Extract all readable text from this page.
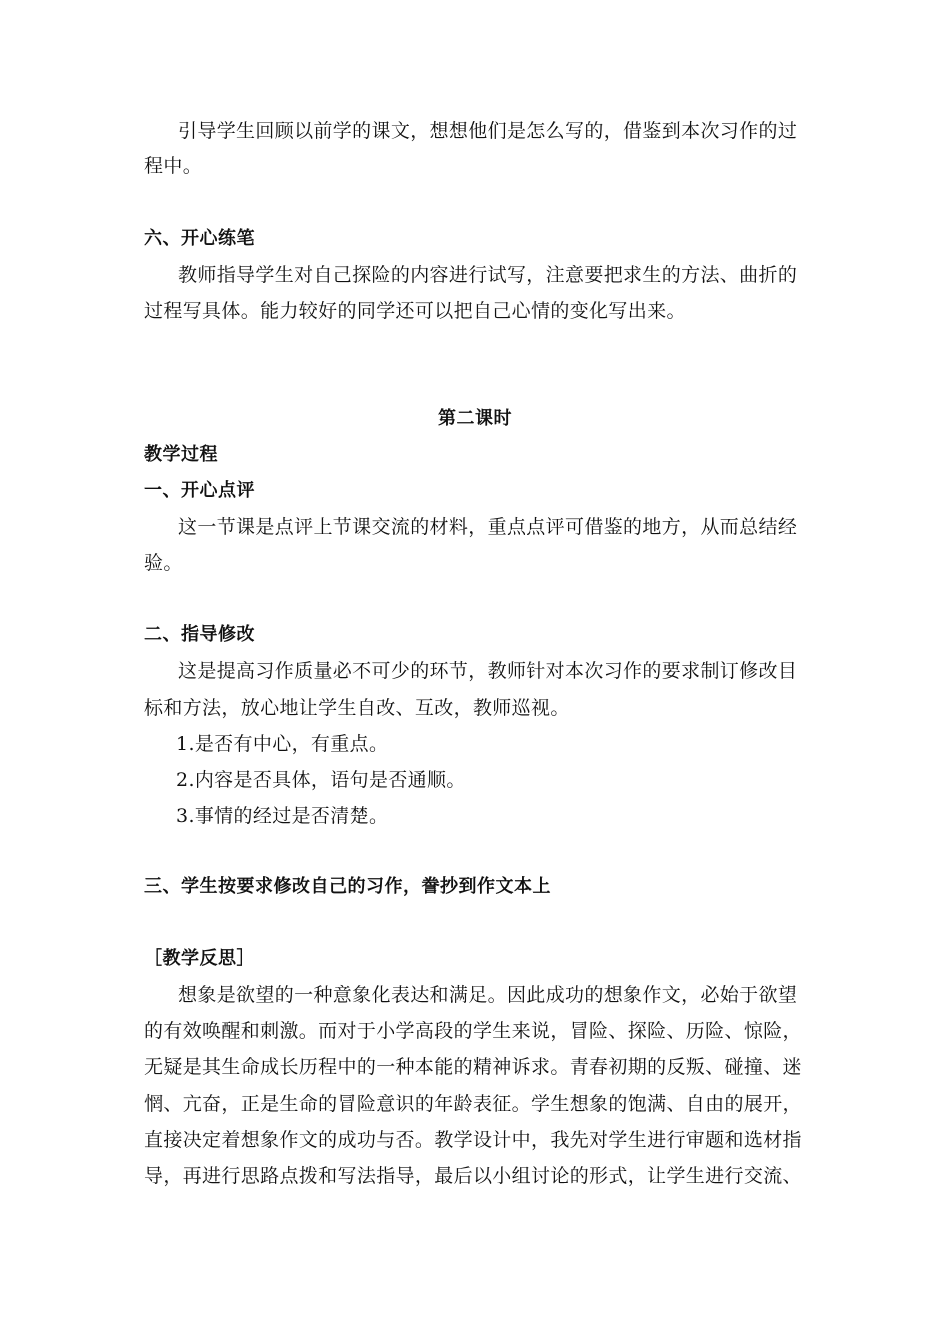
引导学生回顾以前学的课文，想想他们是怎么写的，借鉴到本次习作的过
程中。
六、开心练笔
教师指导学生对自己探险的内容进行试写，注意要把求生的方法、曲折的
过程写具体。能力较好的同学还可以把自己心情的变化写出来。
第二课时
教学过程
一、开心点评
这一节课是点评上节课交流的材料，重点点评可借鉴的地方，从而总结经
验。
二、指导修改
这是提高习作质量必不可少的环节，教师针对本次习作的要求制订修改目
标和方法，放心地让学生自改、互改，教师巡视。
1.是否有中心，有重点。
2.内容是否具体，语句是否通顺。
3.事情的经过是否清楚。
三、学生按要求修改自己的习作，誊抄到作文本上
［教学反思］
想象是欲望的一种意象化表达和满足。因此成功的想象作文，必始于欲望
的有效唤醒和刺激。而对于小学高段的学生来说，冒险、探险、历险、惊险，
无疑是其生命成长历程中的一种本能的精神诉求。青春初期的反叛、碰撞、迷
惘、亢奋，正是生命的冒险意识的年龄表征。学生想象的饱满、自由的展开，
直接决定着想象作文的成功与否。教学设计中，我先对学生进行审题和选材指
导，再进行思路点拨和写法指导，最后以小组讨论的形式，让学生进行交流、
